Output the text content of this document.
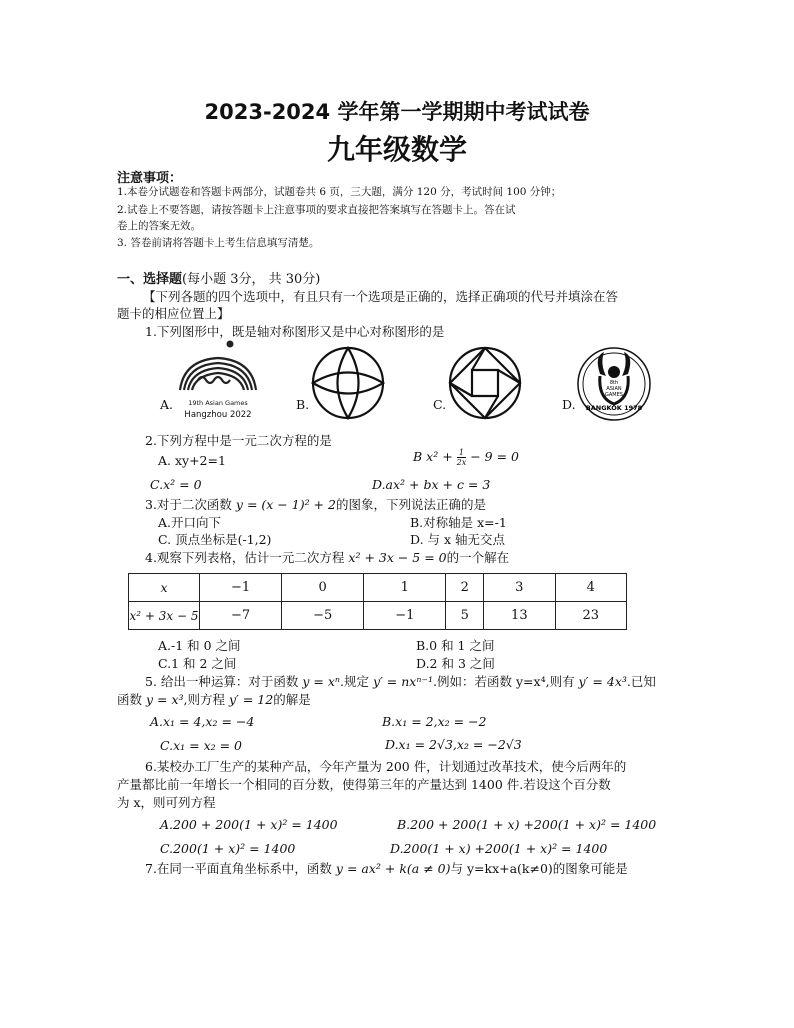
2023-2024 学年第一学期期中考试试卷
九年级数学
注意事项：
1.本卷分试题卷和答题卡两部分，试题卷共 6 页，三大题，满分 120 分，考试时间 100 分钟；
2.试卷上不要答题，请按答题卡上注意事项的要求直接把答案填写在答题卡上。答在试
卷上的答案无效。
3. 答卷前请将答题卡上考生信息填写清楚。
一、选择题(每小题 3分， 共 30分)
【下列各题的四个选项中，有且只有一个选项是正确的，选择正确项的代号并填涂在答
题卡的相应位置上】
1.下列图形中，既是轴对称图形又是中心对称图形的是
A. 19th Asian Games
Hangzhou 2022
B.	C.	D.
8th
ASIAN
GAMES
BANGKOK 1978
2.下列方程中是一元二次方程的是
A. xy+2=1	B $x^2 + \frac{1}{2x} - 9 = 0$
C.x² = 0	D.ax² + bx + c = 3
3.对于二次函数 y = (x − 1)² + 2的图象，下列说法正确的是
A.开口向下	B.对称轴是 x=-1
C. 顶点坐标是(-1,2)	D. 与 x 轴无交点
4.观察下列表格，估计一元二次方程 x² + 3x − 5 = 0的一个解在
x	−1	0	1	2	3	4
x² + 3x − 5	−7	−5	−1	5	13	23
A.-1 和 0 之间	B.0 和 1 之间
C.1 和 2 之间	D.2 和 3 之间
5. 给出一种运算：对于函数 y = xⁿ.规定 y′ = nxⁿ⁻¹.例如：若函数 y=x⁴,则有 y′ = 4x³.已知
函数 y = x³,则方程 y′ = 12的解是
A.x₁ = 4,x₂ = −4	B.x₁ = 2,x₂ = −2
C.x₁ = x₂ = 0	D.x₁ = 2√3,x₂ = −2√3
6.某校办工厂生产的某种产品，今年产量为 200 件，计划通过改革技术，使今后两年的
产量都比前一年增长一个相同的百分数，使得第三年的产量达到 1400 件.若设这个百分数
为 x，则可列方程
A.200 + 200(1 + x)² = 1400	B.200 + 200(1 + x) +200(1 + x)² = 1400
C.200(1 + x)² = 1400	D.200(1 + x) +200(1 + x)² = 1400
7.在同一平面直角坐标系中，函数 y = ax² + k(a ≠ 0)与 y=kx+a(k≠0)的图象可能是
